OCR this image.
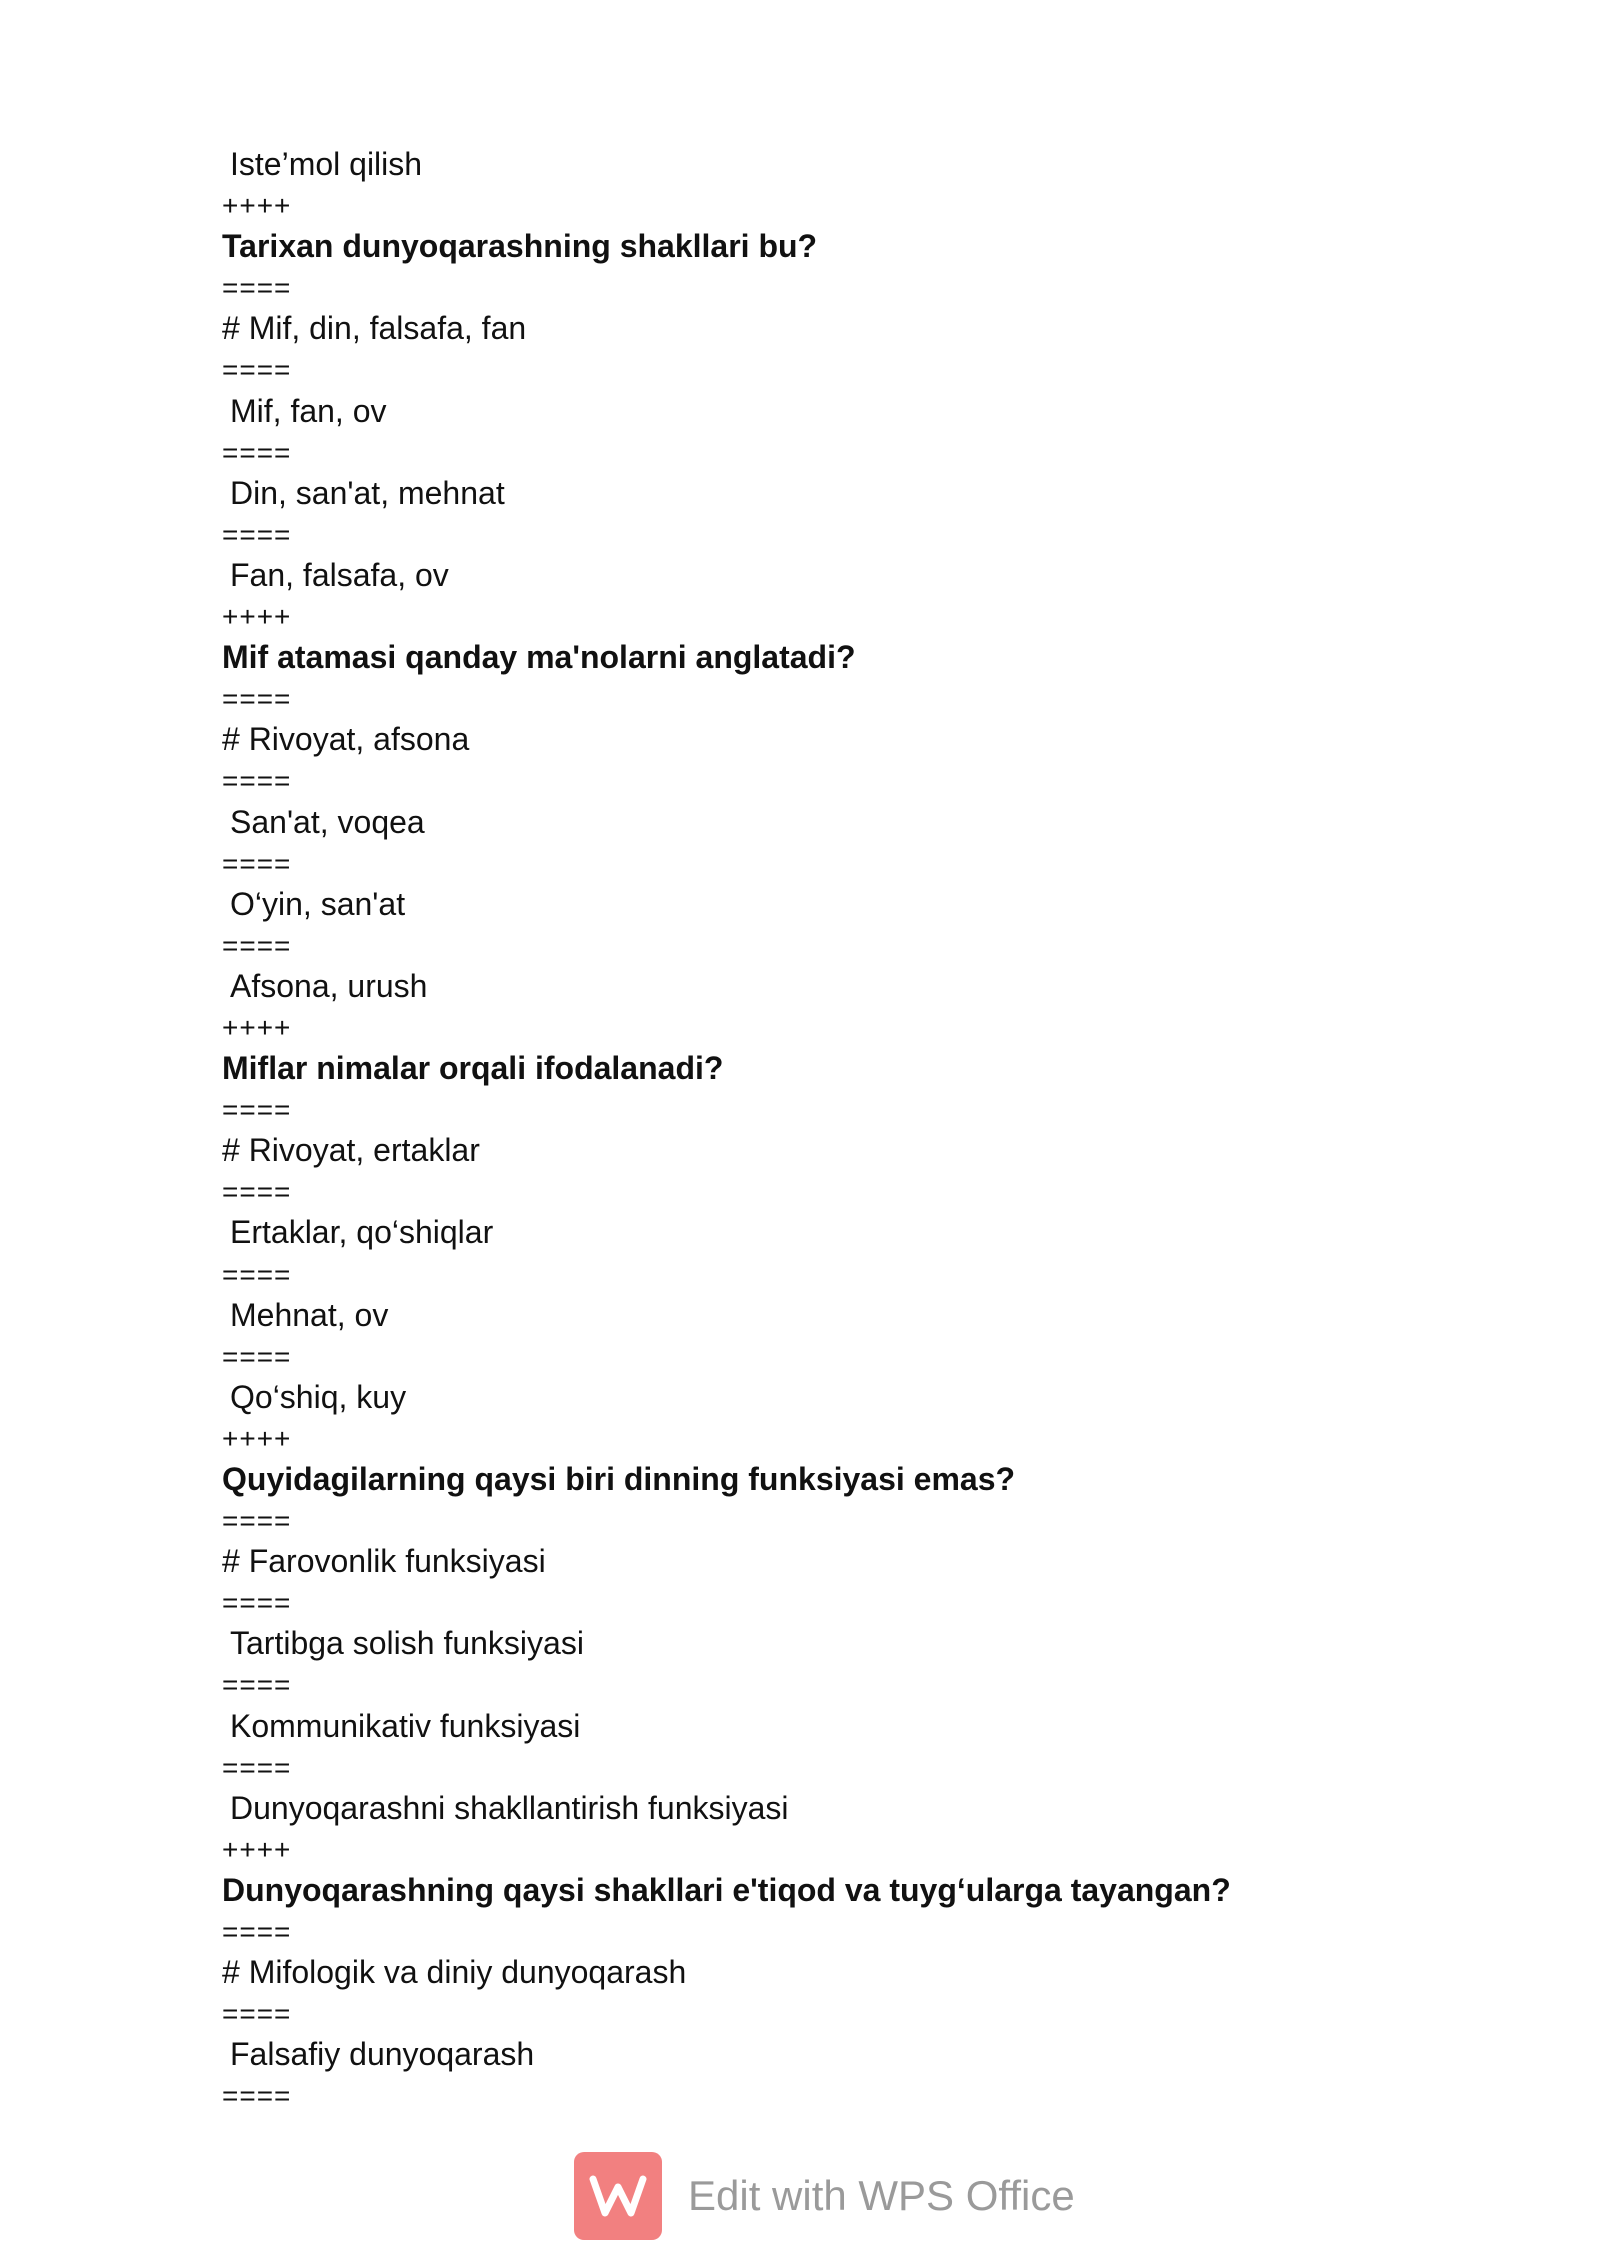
Iste’mol qilish
++++
Tarixan dunyoqarashning shakllari bu?
====
# Mif, din, falsafa, fan
====
Mif, fan, ov
====
Din, san'at, mehnat
====
Fan, falsafa, ov
++++
Mif atamasi qanday ma'nolarni anglatadi?
====
# Rivoyat, afsona
====
San'at, voqea
====
O‘yin, san'at
====
Afsona, urush
++++
Miflar nimalar orqali ifodalanadi?
====
# Rivoyat, ertaklar
====
Ertaklar, qo‘shiqlar
====
Mehnat, ov
====
Qo‘shiq, kuy
++++
Quyidagilarning qaysi biri dinning funksiyasi emas?
====
# Farovonlik funksiyasi
====
Tartibga solish funksiyasi
====
Kommunikativ funksiyasi
====
Dunyoqarashni shakllantirish funksiyasi
++++
Dunyoqarashning qaysi shakllari e'tiqod va tuyg‘ularga tayangan?
====
# Mifologik va diniy dunyoqarash
====
Falsafiy dunyoqarash
====
Edit with WPS Office
